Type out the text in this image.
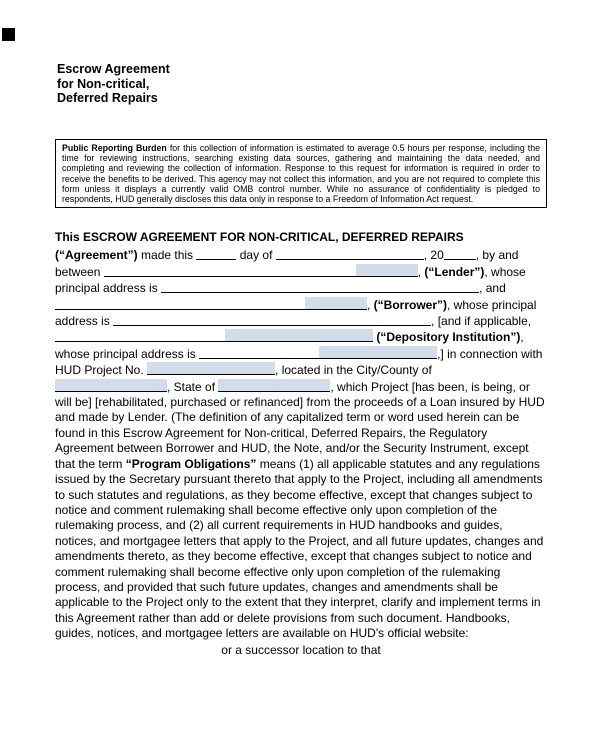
Escrow Agreement
for Non-critical,
Deferred Repairs
Public Reporting Burden for this collection of information is estimated to average 0.5 hours per response, including the time for reviewing instructions, searching existing data sources, gathering and maintaining the data needed, and completing and reviewing the collection of information. Response to this request for information is required in order to receive the benefits to be derived. This agency may not collect this information, and you are not required to complete this form unless it displays a currently valid OMB control number. While no assurance of confidentiality is pledged to respondents, HUD generally discloses this data only in response to a Freedom of Information Act request.
This ESCROW AGREEMENT FOR NON-CRITICAL, DEFERRED REPAIRS
(“Agreement”) made this	day of	, 20	, by and between	, (“Lender”), whose principal address is	, and , (“Borrower”), whose principal address is	, [and if applicable,  (“Depository Institution”), whose principal address is	,] in connection with HUD Project No.	, located in the City/County of , State of	, which Project [has been, is being, or will be] [rehabilitated, purchased or refinanced] from the proceeds of a Loan insured by HUD and made by Lender. (The definition of any capitalized term or word used herein can be found in this Escrow Agreement for Non-critical, Deferred Repairs, the Regulatory Agreement between Borrower and HUD, the Note, and/or the Security Instrument, except that the term “Program Obligations” means (1) all applicable statutes and any regulations issued by the Secretary pursuant thereto that apply to the Project, including all amendments to such statutes and regulations, as they become effective, except that changes subject to notice and comment rulemaking shall become effective only upon completion of the rulemaking process, and (2) all current requirements in HUD handbooks and guides, notices, and mortgagee letters that apply to the Project, and all future updates, changes and amendments thereto, as they become effective, except that changes subject to notice and comment rulemaking shall become effective only upon completion of the rulemaking process, and provided that such future updates, changes and amendments shall be applicable to the Project only to the extent that they interpret, clarify and implement terms in this Agreement rather than add or delete provisions from such document. Handbooks, guides, notices, and mortgagee letters are available on HUD's official website:
or a successor location to that
